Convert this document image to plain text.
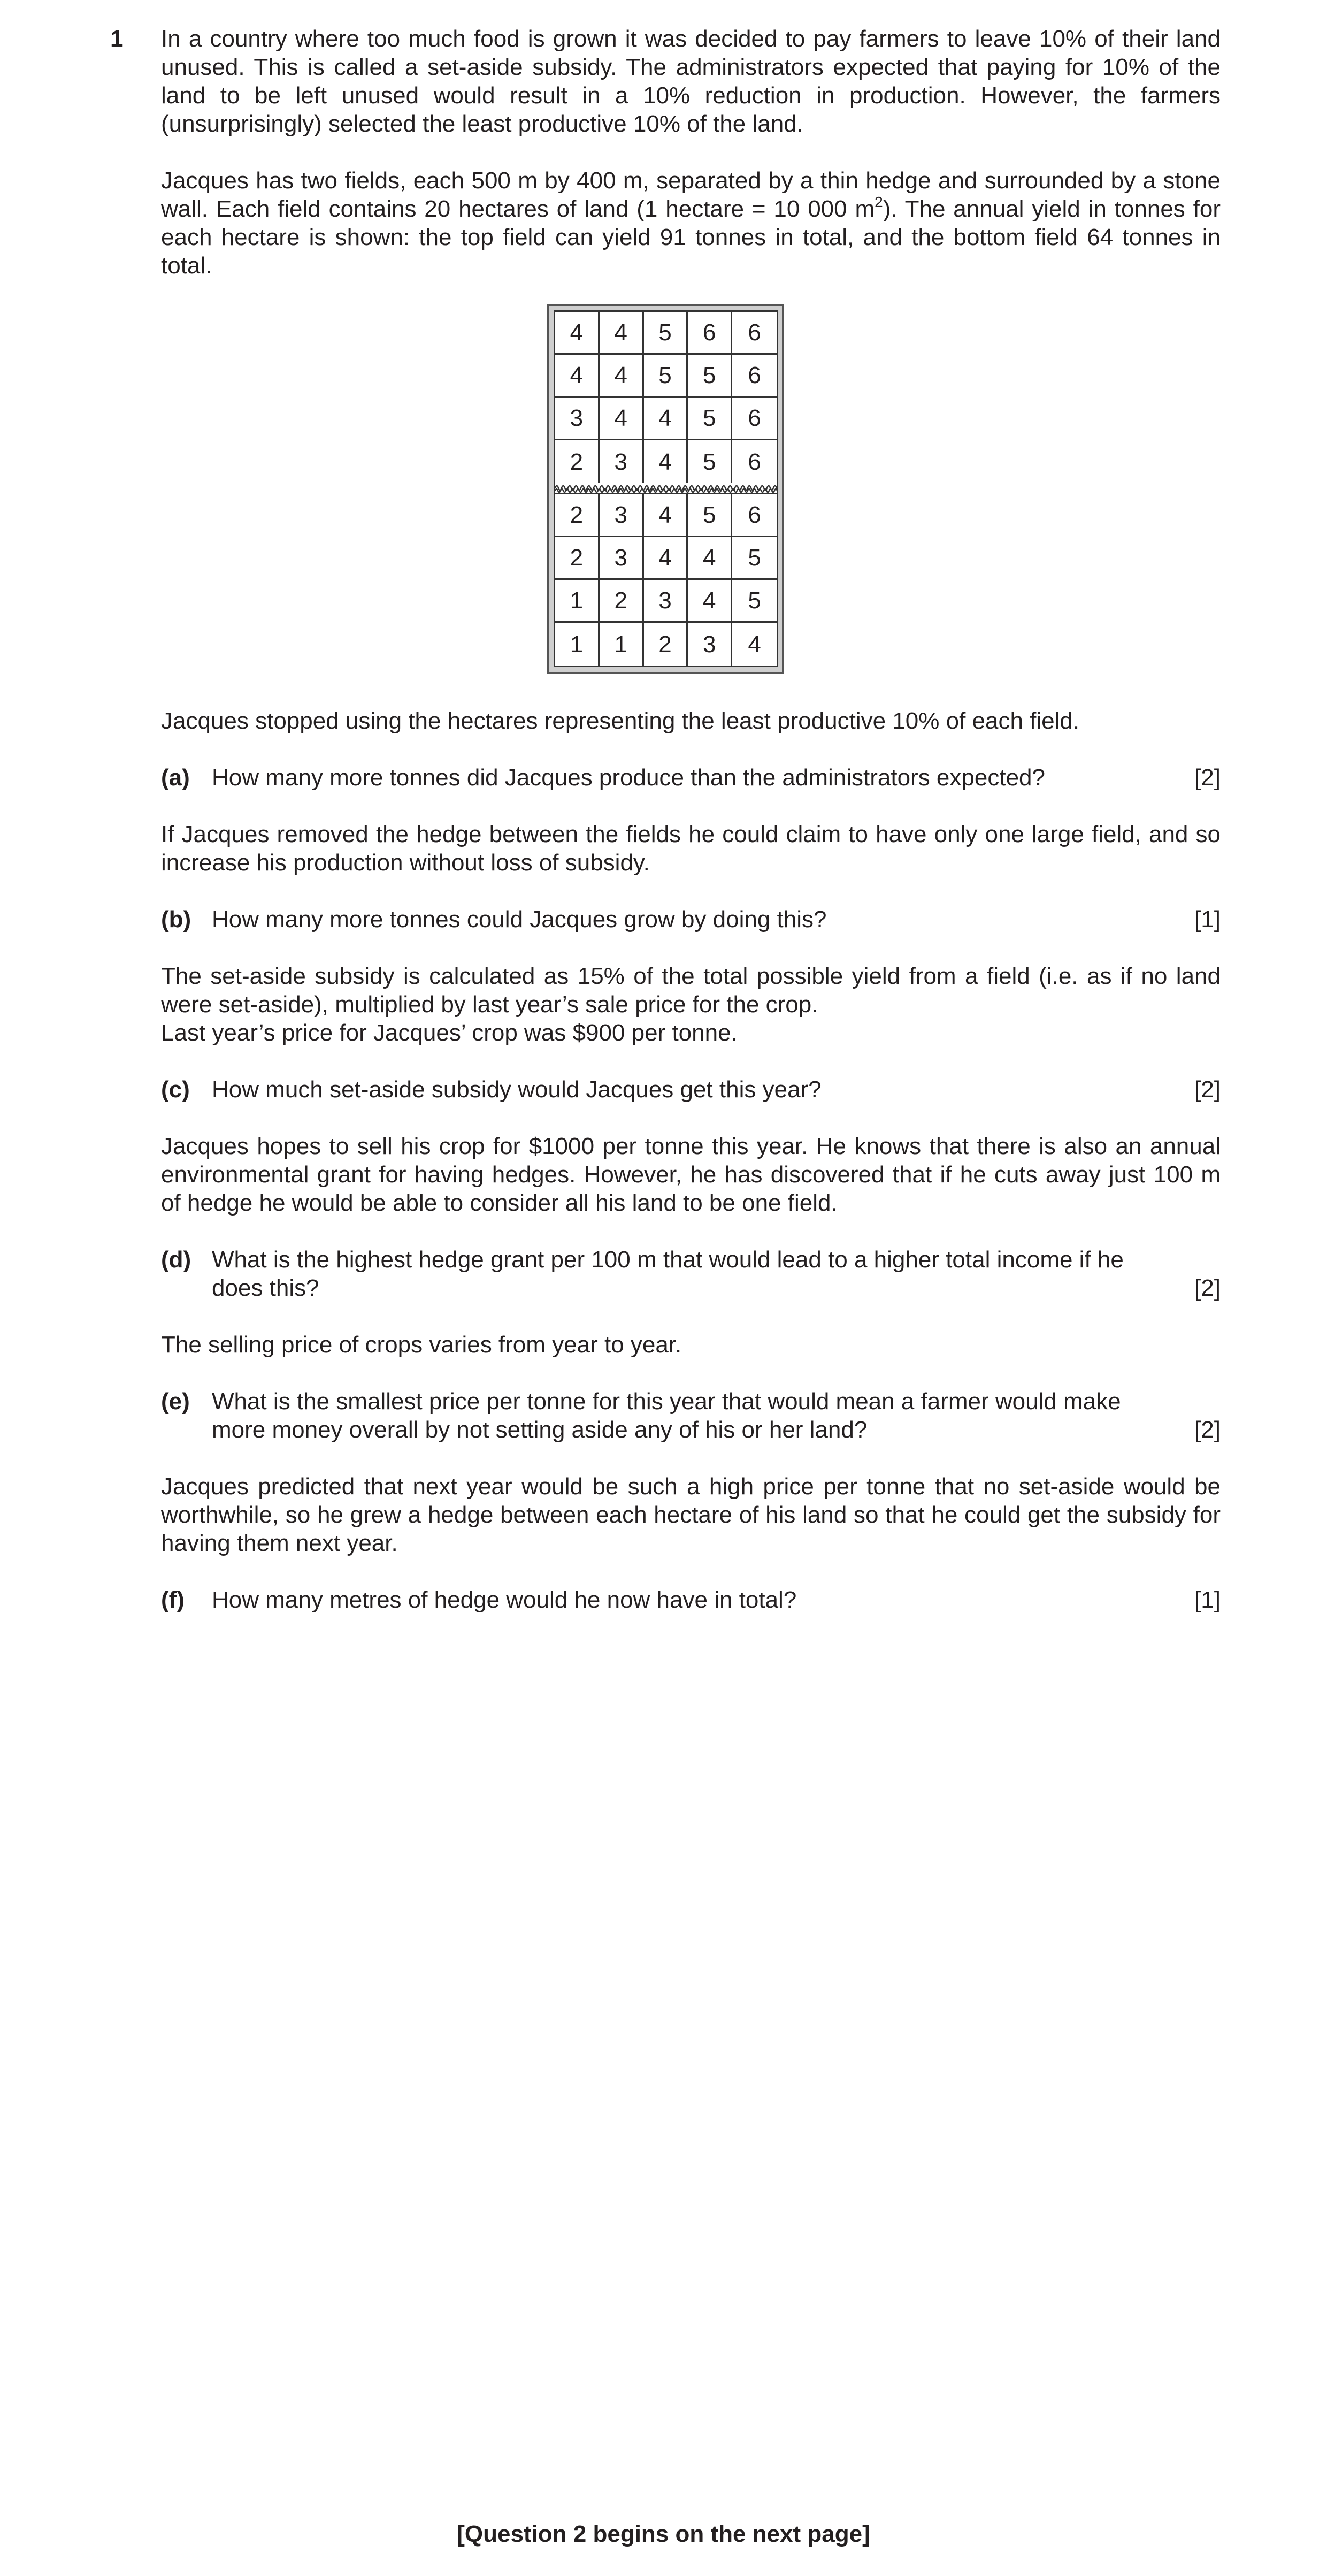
1 In a country where too much food is grown it was decided to pay farmers to leave 10% of their land unused. This is called a set-aside subsidy. The administrators expected that paying for 10% of the land to be left unused would result in a 10% reduction in production. However, the farmers (unsurprisingly) selected the least productive 10% of the land.

Jacques has two fields, each 500 m by 400 m, separated by a thin hedge and surrounded by a stone wall. Each field contains 20 hectares of land (1 hectare = 10 000 $m^2$). The annual yield in tonnes for each hectare is shown: the top field can yield 91 tonnes in total, and the bottom field 64 tonnes in total.

4	4	5	6	6
4	4	5	5	6
3	4	4	5	6
2	3	4	5	6
2	3	4	5	6
2	3	4	4	5
1	2	3	4	5
1	1	2	3	4

Jacques stopped using the hectares representing the least productive 10% of each field.

(a) How many more tonnes did Jacques produce than the administrators expected?	[2]

If Jacques removed the hedge between the fields he could claim to have only one large field, and so increase his production without loss of subsidy.

(b) How many more tonnes could Jacques grow by doing this?	[1]

The set-aside subsidy is calculated as 15% of the total possible yield from a field (i.e. as if no land were set-aside), multiplied by last year’s sale price for the crop.

Last year’s price for Jacques’ crop was $900 per tonne.

(c) How much set-aside subsidy would Jacques get this year?	[2]

Jacques hopes to sell his crop for $1000 per tonne this year. He knows that there is also an annual environmental grant for having hedges. However, he has discovered that if he cuts away just 100 m of hedge he would be able to consider all his land to be one field.

(d) What is the highest hedge grant per 100 m that would lead to a higher total income if he does this?	[2]

The selling price of crops varies from year to year.

(e) What is the smallest price per tonne for this year that would mean a farmer would make more money overall by not setting aside any of his or her land?	[2]

Jacques predicted that next year would be such a high price per tonne that no set-aside would be worthwhile, so he grew a hedge between each hectare of his land so that he could get the subsidy for having them next year.

(f)	How many metres of hedge would he now have in total?	[1]
[Question 2 begins on the next page]
